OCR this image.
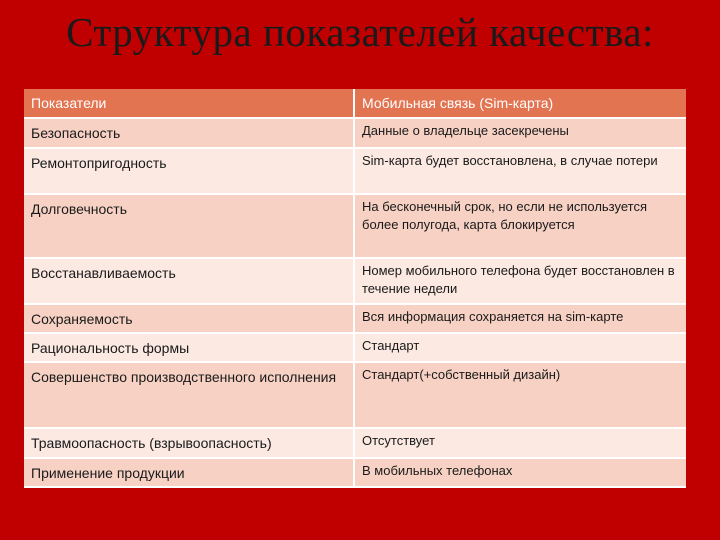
Структура показателей качества:
Показатели	Мобильная связь (Sim-карта)
Безопасность	Данные о владельце засекречены
Ремонтопригодность	Sim-карта будет восстановлена, в случае потери
Долговечность	На бесконечный срок, но если не используется более полугода, карта блокируется
Восстанавливаемость	Номер мобильного телефона будет восстановлен в течение недели
Сохраняемость	Вся информация сохраняется на sim-карте
Рациональность формы	Стандарт
Совершенство производственного исполнения	Стандарт(+собственный дизайн)
Травмоопасность (взрывоопасность)	Отсутствует
Применение продукции	В мобильных телефонах
